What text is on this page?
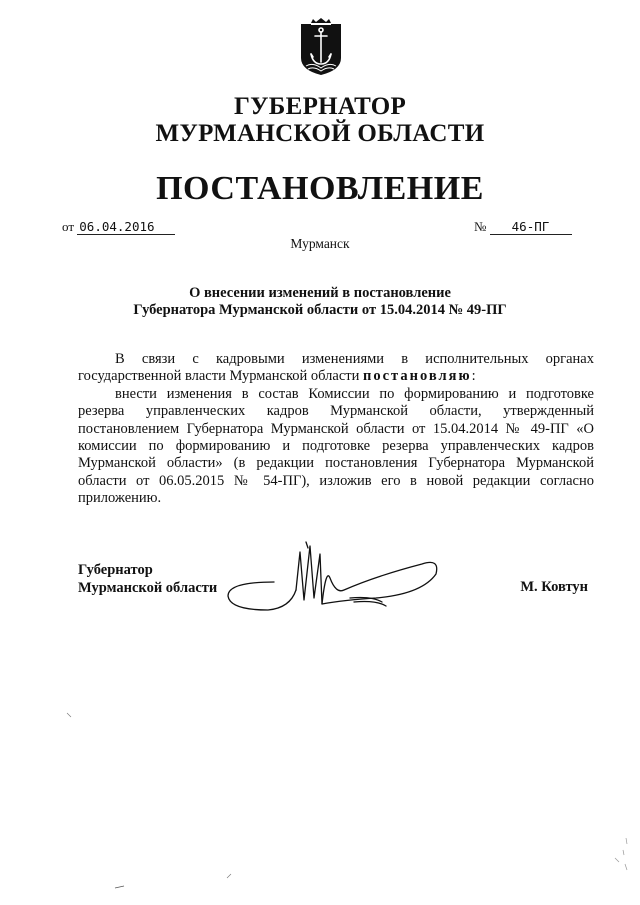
ГУБЕРНАТОР
МУРМАНСКОЙ ОБЛАСТИ
ПОСТАНОВЛЕНИЕ
от 06.04.2016	№ 46-ПГ
Мурманск
О внесении изменений в постановление
Губернатора Мурманской области от 15.04.2014 № 49-ПГ

В связи с кадровыми изменениями в исполнительных органах государственной власти Мурманской области постановляю:

внести изменения в состав Комиссии по формированию и подготовке резерва управленческих кадров Мурманской области, утвержденный постановлением Губернатора Мурманской области от 15.04.2014 № 49-ПГ «О комиссии по формированию и подготовке резерва управленческих кадров Мурманской области» (в редакции постановления Губернатора Мурманской области от 06.05.2015 № 54-ПГ), изложив его в новой редакции согласно приложению.

Губернатор
Мурманской области	М. Ковтун
